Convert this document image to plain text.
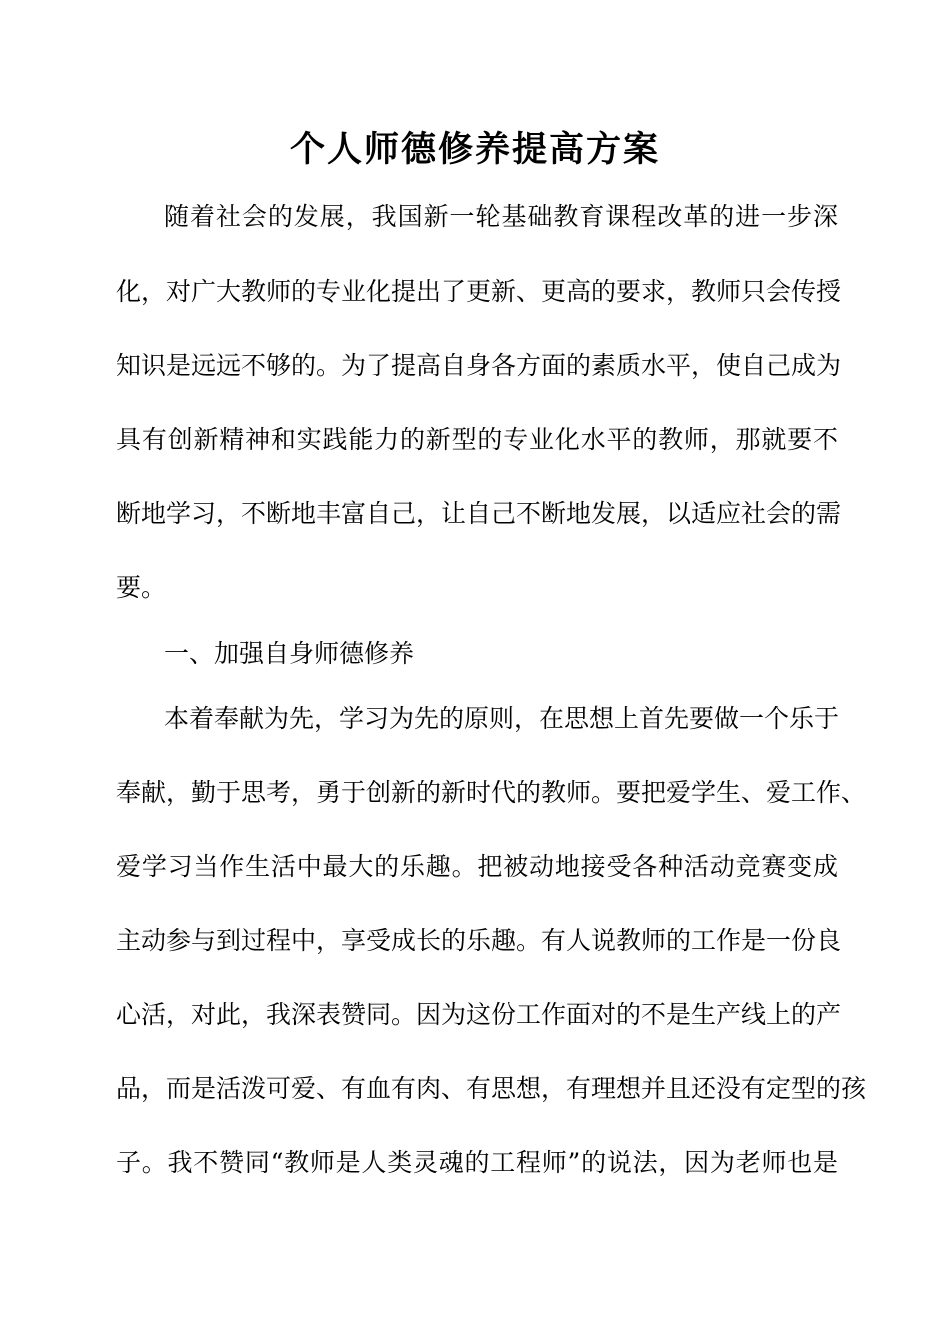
个人师德修养提高方案
随着社会的发展，我国新一轮基础教育课程改革的进一步深
化，对广大教师的专业化提出了更新、更高的要求，教师只会传授
知识是远远不够的。为了提高自身各方面的素质水平，使自己成为
具有创新精神和实践能力的新型的专业化水平的教师，那就要不
断地学习，不断地丰富自己，让自己不断地发展，以适应社会的需
要。
一、加强自身师德修养
本着奉献为先，学习为先的原则，在思想上首先要做一个乐于
奉献，勤于思考，勇于创新的新时代的教师。要把爱学生、爱工作、
爱学习当作生活中最大的乐趣。把被动地接受各种活动竞赛变成
主动参与到过程中，享受成长的乐趣。有人说教师的工作是一份良
心活，对此，我深表赞同。因为这份工作面对的不是生产线上的产
品，而是活泼可爱、有血有肉、有思想，有理想并且还没有定型的孩
子。我不赞同“教师是人类灵魂的工程师”的说法，因为老师也是
